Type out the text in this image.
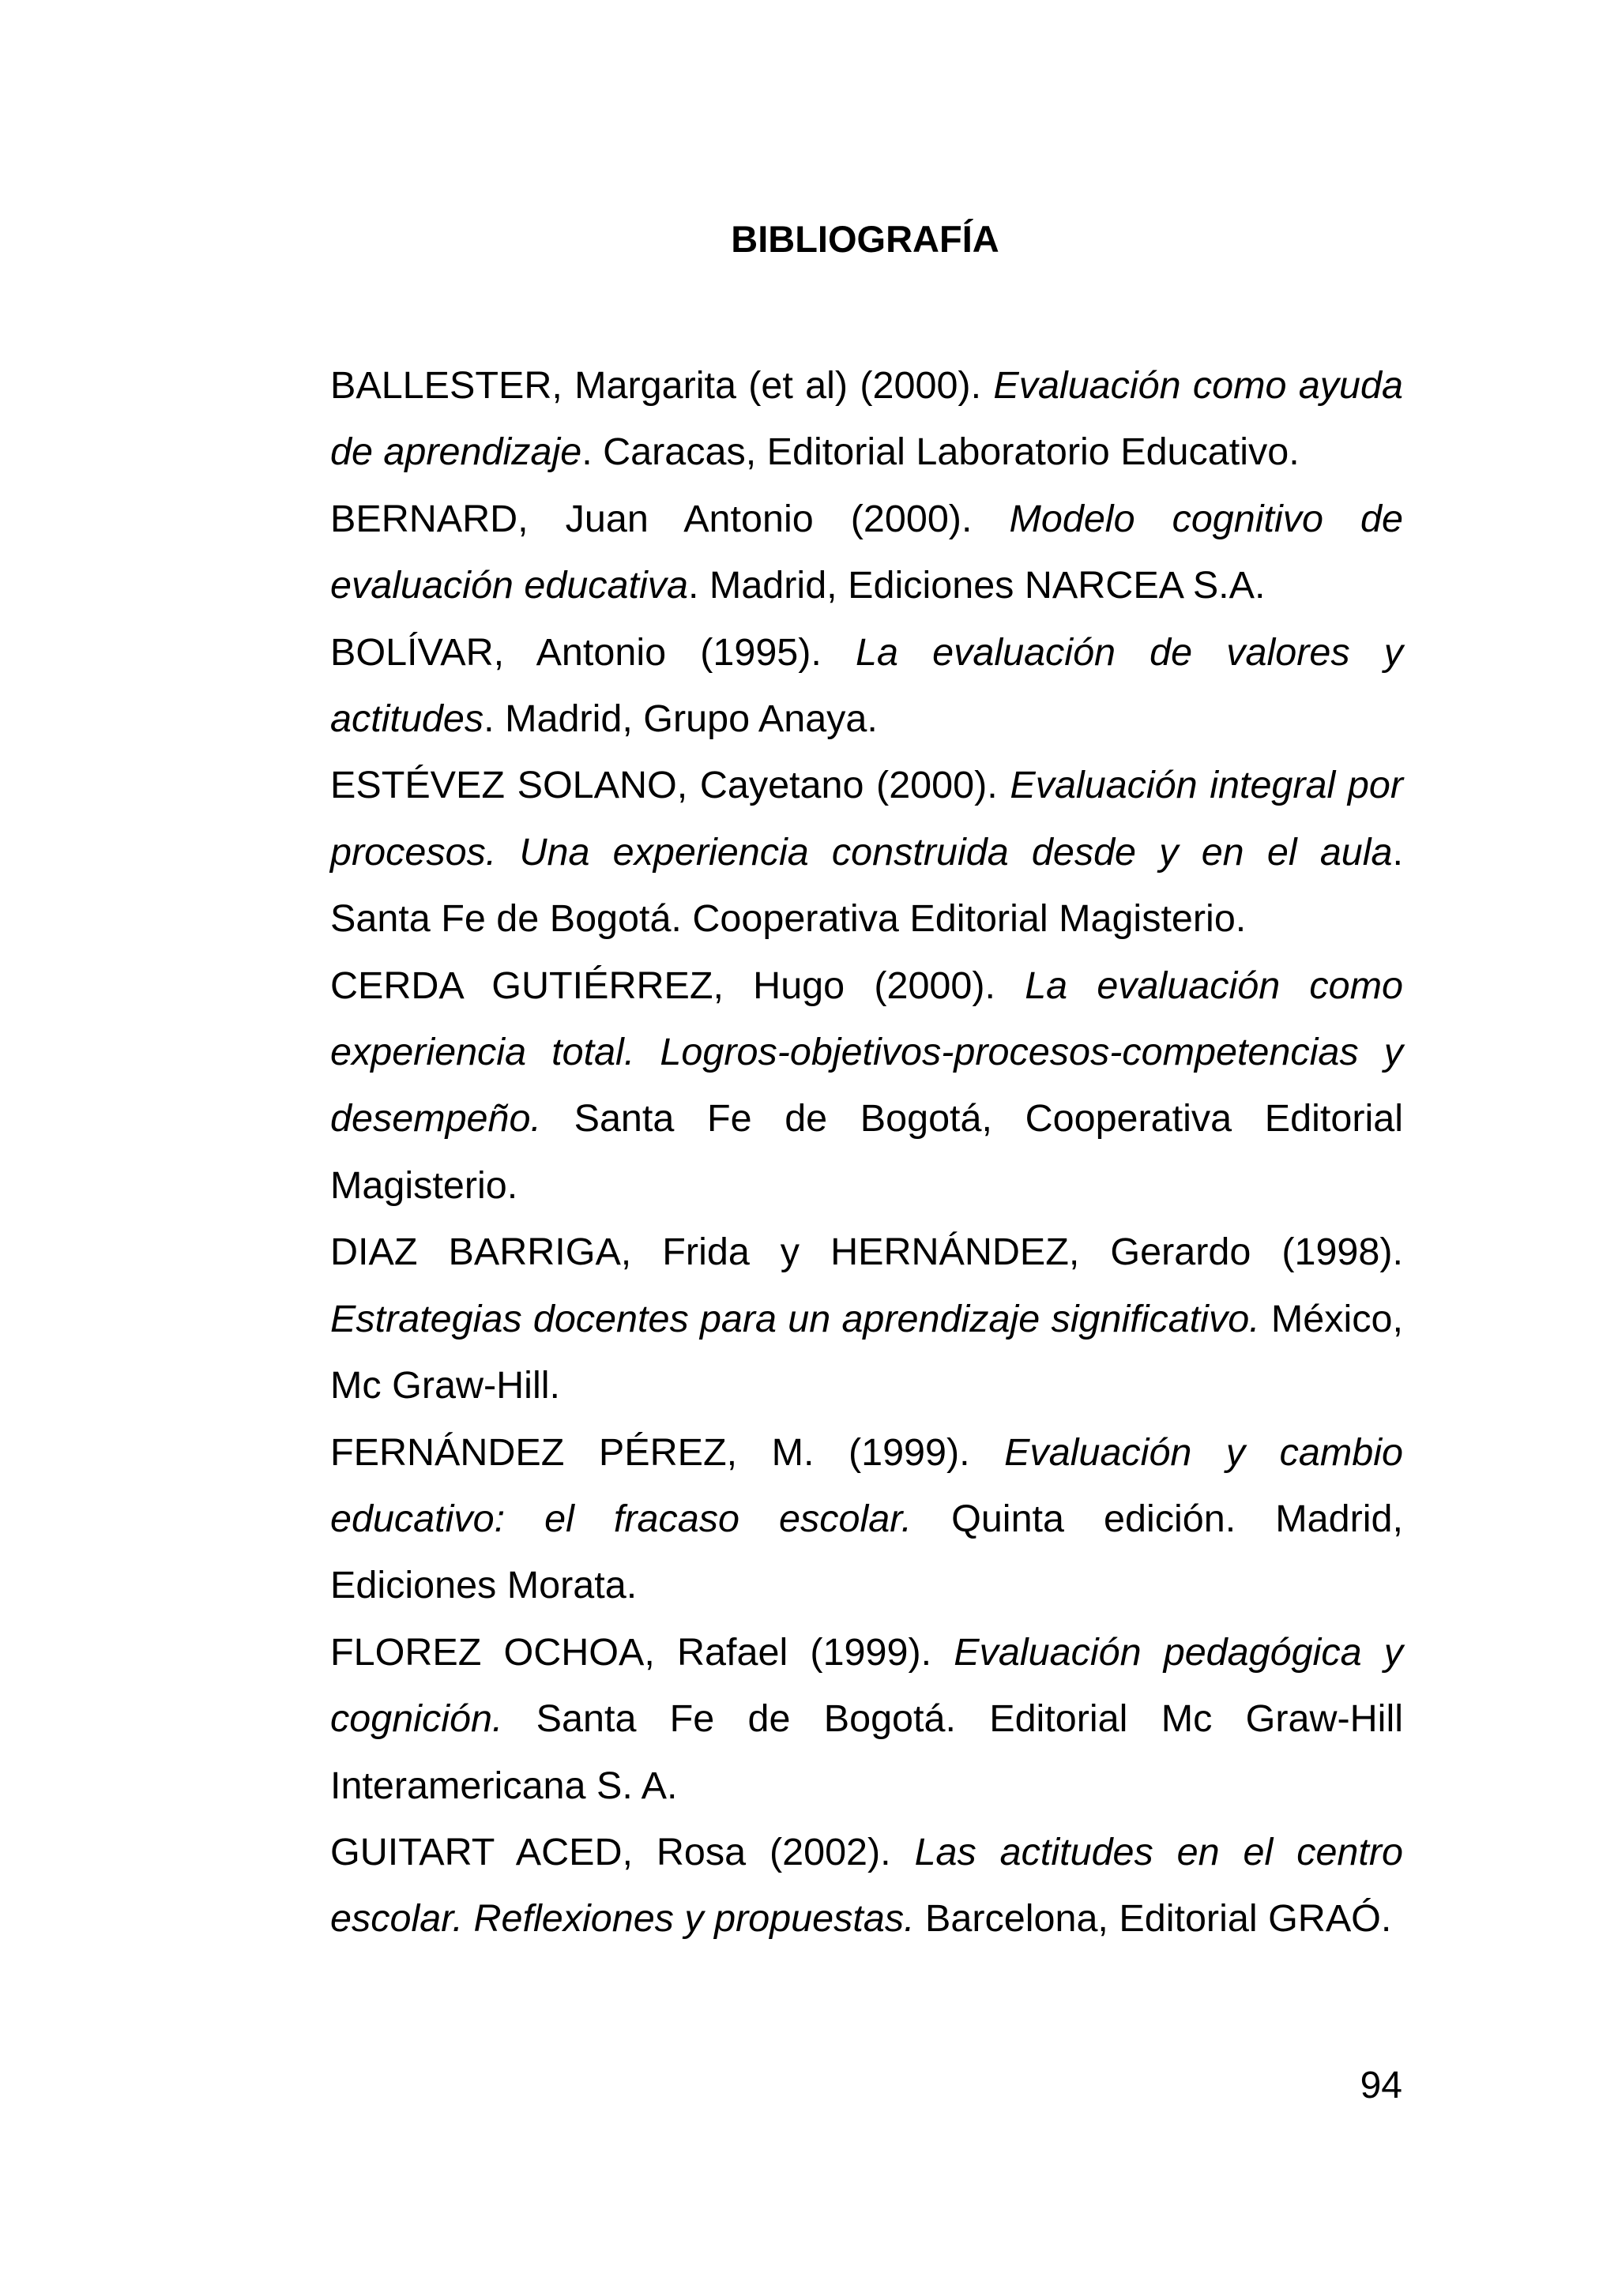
BIBLIOGRAFÍA

BALLESTER, Margarita (et al) (2000). Evaluación como ayuda de aprendizaje. Caracas, Editorial Laboratorio Educativo.

BERNARD, Juan Antonio (2000). Modelo cognitivo de evaluación educativa. Madrid, Ediciones NARCEA S.A.

BOLÍVAR, Antonio (1995). La evaluación de valores y actitudes. Madrid, Grupo Anaya.

ESTÉVEZ SOLANO, Cayetano (2000). Evaluación integral por procesos. Una experiencia construida desde y en el aula. Santa Fe de Bogotá. Cooperativa Editorial Magisterio.

CERDA GUTIÉRREZ, Hugo (2000). La evaluación como experiencia total. Logros-objetivos-procesos-competencias y desempeño. Santa Fe de Bogotá, Cooperativa Editorial Magisterio.

DIAZ BARRIGA, Frida y HERNÁNDEZ, Gerardo (1998). Estrategias docentes para un aprendizaje significativo. México, Mc Graw-Hill.

FERNÁNDEZ PÉREZ, M. (1999). Evaluación y cambio educativo: el fracaso escolar. Quinta edición. Madrid, Ediciones Morata.

FLOREZ OCHOA, Rafael (1999). Evaluación pedagógica y cognición. Santa Fe de Bogotá. Editorial Mc Graw-Hill Interamericana S. A.

GUITART ACED, Rosa (2002). Las actitudes en el centro escolar. Reflexiones y propuestas. Barcelona, Editorial GRAÓ.

94
